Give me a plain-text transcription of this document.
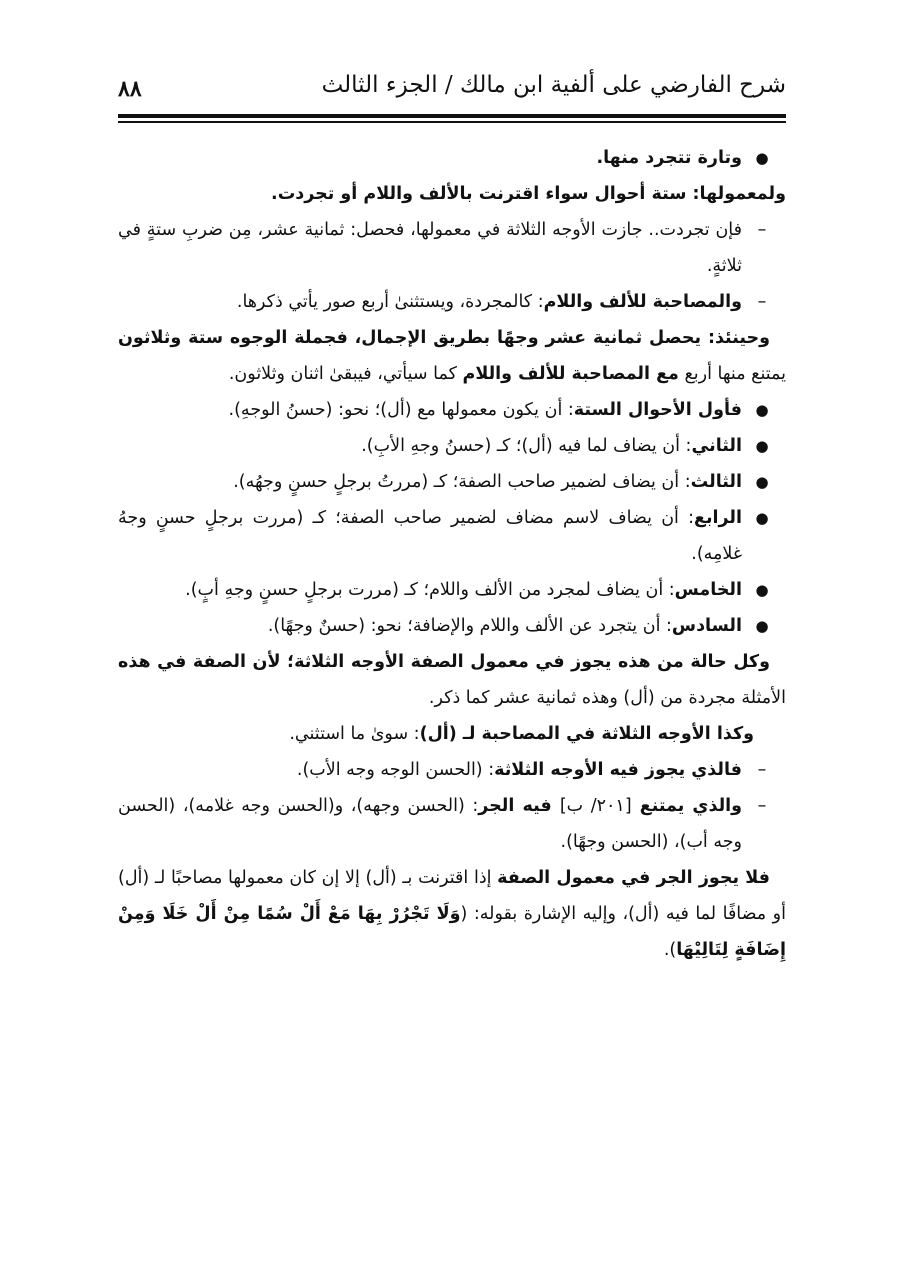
شرح الفارضي على ألفية ابن مالك / الجزء الثالث
٨٨

●
وتارة تتجرد منها.

ولمعمولها: ستة أحوال سواء اقترنت بالألف واللام أو تجردت.

–
فإن تجردت.. جازت الأوجه الثلاثة في معمولها، فحصل: ثمانية عشر، مِن ضربِ ستةٍ في ثلاثةٍ.

–
والمصاحبة للألف واللام: كالمجردة، ويستثنىٰ أربع صور يأتي ذكرها.

وحينئذ: يحصل ثمانية عشر وجهًا بطريق الإجمال، فجملة الوجوه ستة وثلاثون يمتنع منها أربع مع المصاحبة للألف واللام كما سيأتي، فيبقىٰ اثنان وثلاثون.

●
فأول الأحوال الستة: أن يكون معمولها مع (أل)؛ نحو: (حسنُ الوجهِ).

●
الثاني: أن يضاف لما فيه (أل)؛ كـ (حسنُ وجهِ الأبِ).

●
الثالث: أن يضاف لضمير صاحب الصفة؛ كـ (مررتُ برجلٍ حسنٍ وجهُه).

●
الرابع: أن يضاف لاسم مضاف لضمير صاحب الصفة؛ كـ (مررت برجلٍ حسنٍ وجهُ غلامِه).

●
الخامس: أن يضاف لمجرد من الألف واللام؛ كـ (مررت برجلٍ حسنٍ وجهِ أبٍ).

●
السادس: أن يتجرد عن الألف واللام والإضافة؛ نحو: (حسنٌ وجهًا).

وكل حالة من هذه يجوز في معمول الصفة الأوجه الثلاثة؛ لأن الصفة في هذه الأمثلة مجردة من (أل) وهذه ثمانية عشر كما ذكر.

وكذا الأوجه الثلاثة في المصاحبة لـ (أل): سوىٰ ما استثني.

–
فالذي يجوز فيه الأوجه الثلاثة: (الحسن الوجه وجه الأب).

–
والذي يمتنع [٢٠١/ ب] فيه الجر: (الحسن وجهه)، و(الحسن وجه غلامه)، (الحسن وجه أب)، (الحسن وجهًا).

فلا يجوز الجر في معمول الصفة إذا اقترنت بـ (أل) إلا إن كان معمولها مصاحبًا لـ (أل) أو مضافًا لما فيه (أل)، وإليه الإشارة بقوله: (وَلَا تَجْرُرْ بِهَا مَعْ أَلْ سُمًا مِنْ أَلْ خَلَا وَمِنْ إِضَافَةٍ لِتَالِيْهَا).
